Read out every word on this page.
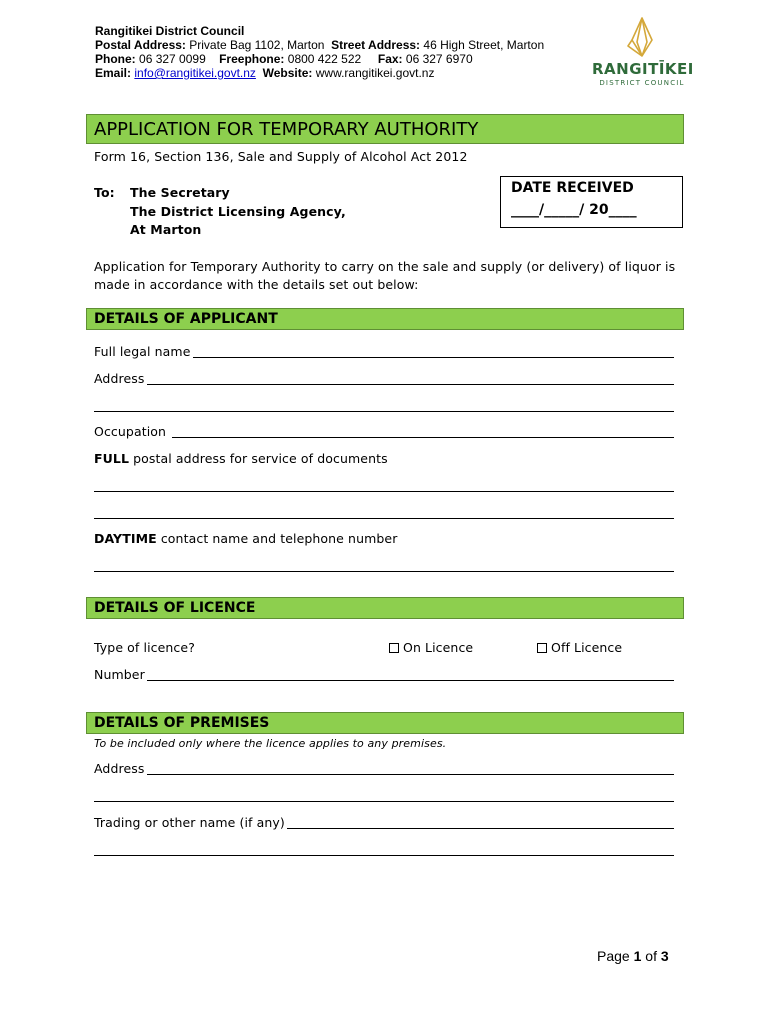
Rangitikei District Council
Postal Address: Private Bag 1102, Marton Street Address: 46 High Street, Marton
Phone: 06 327 0099 Freephone: 0800 422 522 Fax: 06 327 6970
Email: info@rangitikei.govt.nz Website: www.rangitikei.govt.nz	RANGITĪKEI
DISTRICT COUNCIL
APPLICATION FOR TEMPORARY AUTHORITY
Form 16, Section 136, Sale and Supply of Alcohol Act 2012
To: The Secretary
The District Licensing Agency,
At Marton
DATE RECEIVED
____/_____/ 20____
Application for Temporary Authority to carry on the sale and supply (or delivery) of liquor is made in accordance with the details set out below:
DETAILS OF APPLICANT
Full legal name
Address
Occupation
FULL postal address for service of documents
DAYTIME contact name and telephone number
DETAILS OF LICENCE
Type of licence?	On Licence	Off Licence
Number
DETAILS OF PREMISES
To be included only where the licence applies to any premises.
Address
Trading or other name (if any)
Page 1 of 3
